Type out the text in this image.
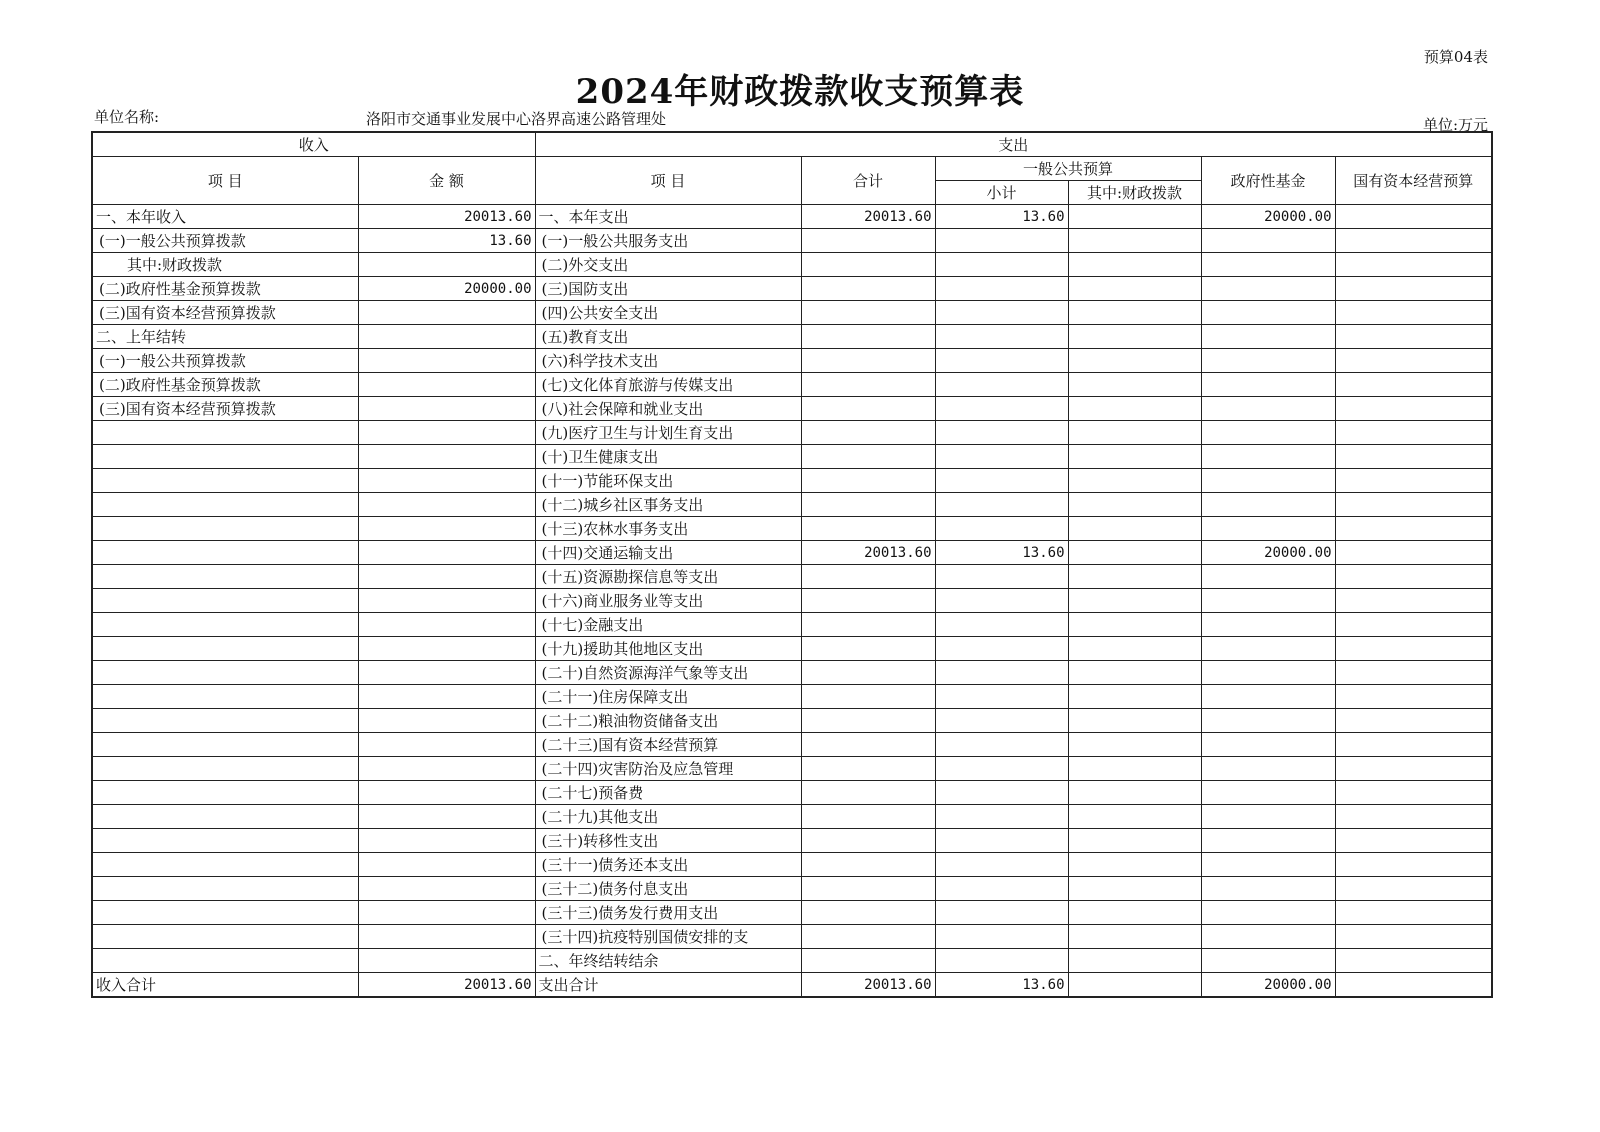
预算04表
2024年财政拨款收支预算表
单位名称:	洛阳市交通事业发展中心洛界高速公路管理处	单位:万元
收入		支出					
项 目	金 额	项 目	合计	一般公共预算		政府性基金	国有资本经营预算
				小计	其中:财政拨款		
一、本年收入	20013.60	一、本年支出	20013.60	13.60		20000.00	
(一)一般公共预算拨款	13.60	(一)一般公共服务支出					
其中:财政拨款		(二)外交支出					
(二)政府性基金预算拨款	20000.00	(三)国防支出					
(三)国有资本经营预算拨款		(四)公共安全支出					
二、上年结转		(五)教育支出					
(一)一般公共预算拨款		(六)科学技术支出					
(二)政府性基金预算拨款		(七)文化体育旅游与传媒支出					
(三)国有资本经营预算拨款		(八)社会保障和就业支出					
		(九)医疗卫生与计划生育支出					
		(十)卫生健康支出					
		(十一)节能环保支出					
		(十二)城乡社区事务支出					
		(十三)农林水事务支出					
		(十四)交通运输支出	20013.60	13.60		20000.00	
		(十五)资源勘探信息等支出					
		(十六)商业服务业等支出					
		(十七)金融支出					
		(十九)援助其他地区支出					
		(二十)自然资源海洋气象等支出					
		(二十一)住房保障支出					
		(二十二)粮油物资储备支出					
		(二十三)国有资本经营预算					
		(二十四)灾害防治及应急管理					
		(二十七)预备费					
		(二十九)其他支出					
		(三十)转移性支出					
		(三十一)债务还本支出					
		(三十二)债务付息支出					
		(三十三)债务发行费用支出					
		(三十四)抗疫特别国债安排的支					
		二、年终结转结余					
收入合计	20013.60	支出合计	20013.60	13.60		20000.00	
